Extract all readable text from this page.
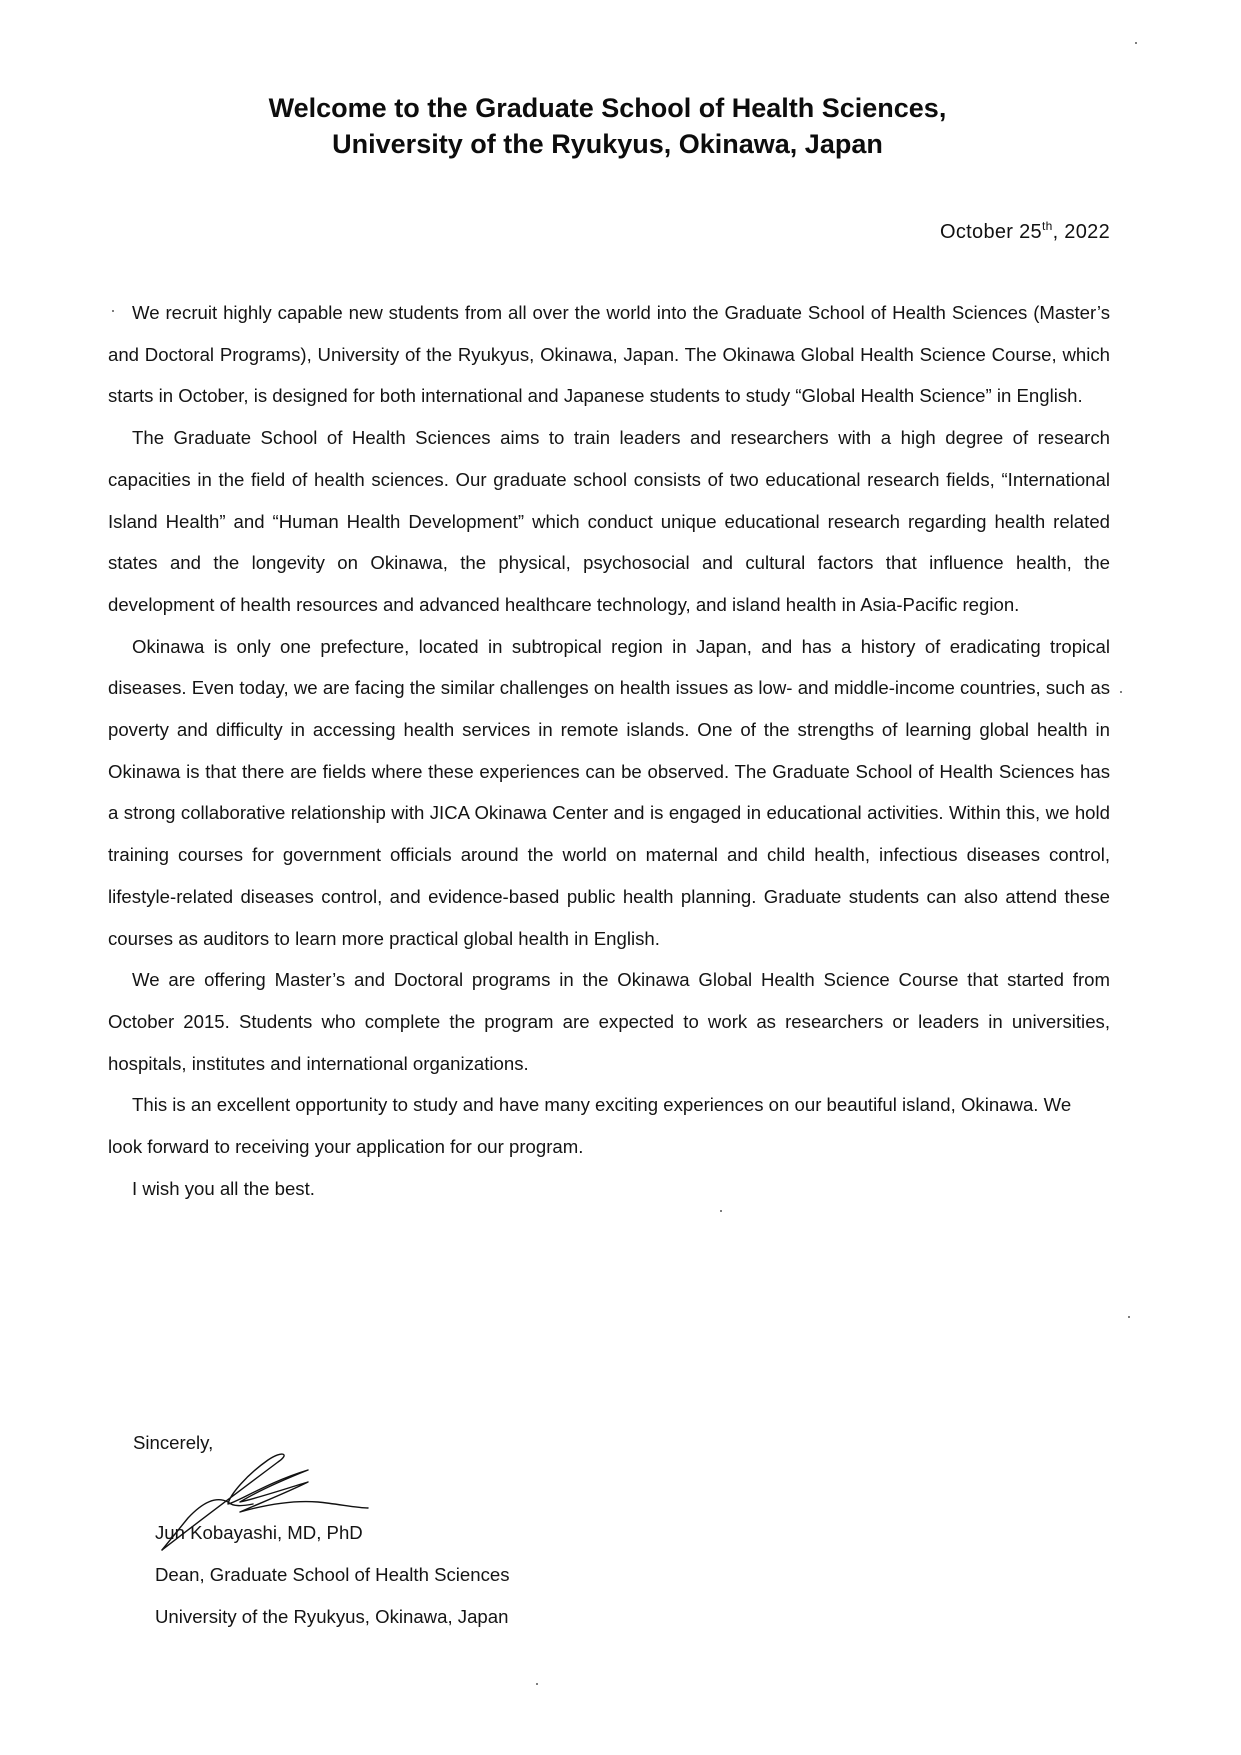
Welcome to the Graduate School of Health Sciences,
University of the Ryukyus, Okinawa, Japan
October 25th, 2022

We recruit highly capable new students from all over the world into the Graduate School of Health Sciences (Master’s and Doctoral Programs), University of the Ryukyus, Okinawa, Japan. The Okinawa Global Health Science Course, which starts in October, is designed for both international and Japanese students to study “Global Health Science” in English.

The Graduate School of Health Sciences aims to train leaders and researchers with a high degree of research capacities in the field of health sciences. Our graduate school consists of two educational research fields, “International Island Health” and “Human Health Development” which conduct unique educational research regarding health related states and the longevity on Okinawa, the physical, psychosocial and cultural factors that influence health, the development of health resources and advanced healthcare technology, and island health in Asia-Pacific region.

Okinawa is only one prefecture, located in subtropical region in Japan, and has a history of eradicating tropical diseases. Even today, we are facing the similar challenges on health issues as low- and middle-income countries, such as poverty and difficulty in accessing health services in remote islands. One of the strengths of learning global health in Okinawa is that there are fields where these experiences can be observed. The Graduate School of Health Sciences has a strong collaborative relationship with JICA Okinawa Center and is engaged in educational activities. Within this, we hold training courses for government officials around the world on maternal and child health, infectious diseases control, lifestyle-related diseases control, and evidence-based public health planning. Graduate students can also attend these courses as auditors to learn more practical global health in English.

We are offering Master’s and Doctoral programs in the Okinawa Global Health Science Course that started from October 2015. Students who complete the program are expected to work as researchers or leaders in universities, hospitals, institutes and international organizations.

This is an excellent opportunity to study and have many exciting experiences on our beautiful island, Okinawa. We look forward to receiving your application for our program.

I wish you all the best.

Sincerely,
Jun Kobayashi, MD, PhD
Dean, Graduate School of Health Sciences
University of the Ryukyus, Okinawa, Japan
